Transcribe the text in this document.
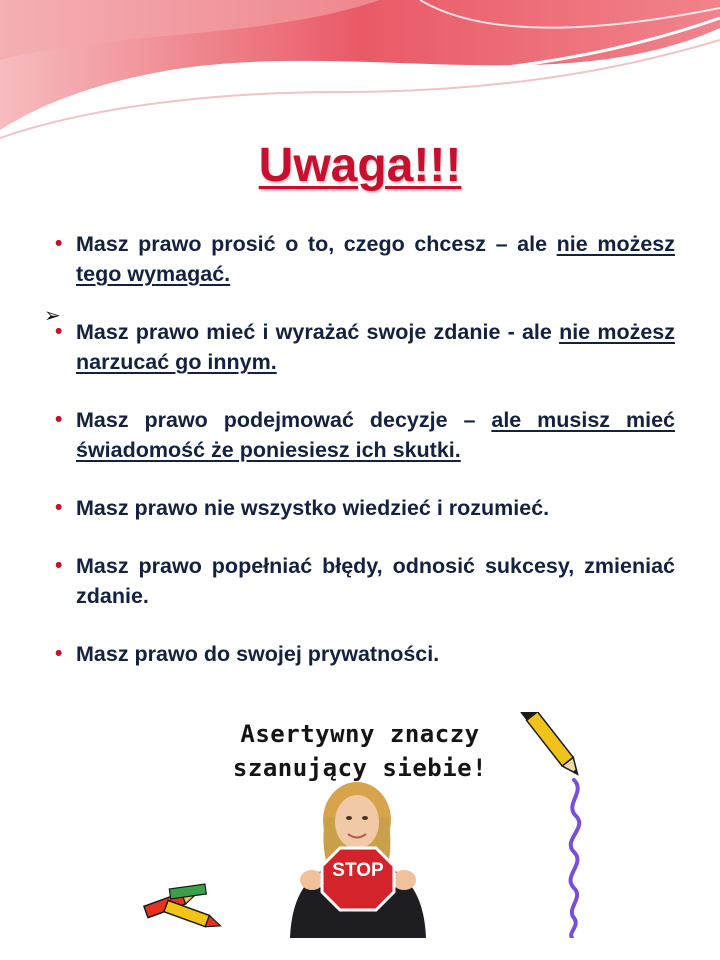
Uwaga!!!
➢
• Masz prawo prosić o to, czego chcesz – ale nie możesz tego wymagać.
• Masz prawo mieć i wyrażać swoje zdanie - ale nie możesz narzucać go innym.
• Masz prawo podejmować decyzje – ale musisz mieć świadomość że poniesiesz ich skutki.
• Masz prawo nie wszystko wiedzieć i rozumieć.
• Masz prawo popełniać błędy, odnosić sukcesy, zmieniać zdanie.
• Masz prawo do swojej prywatności.
Asertywny znaczy
szanujący siebie!
STOP
